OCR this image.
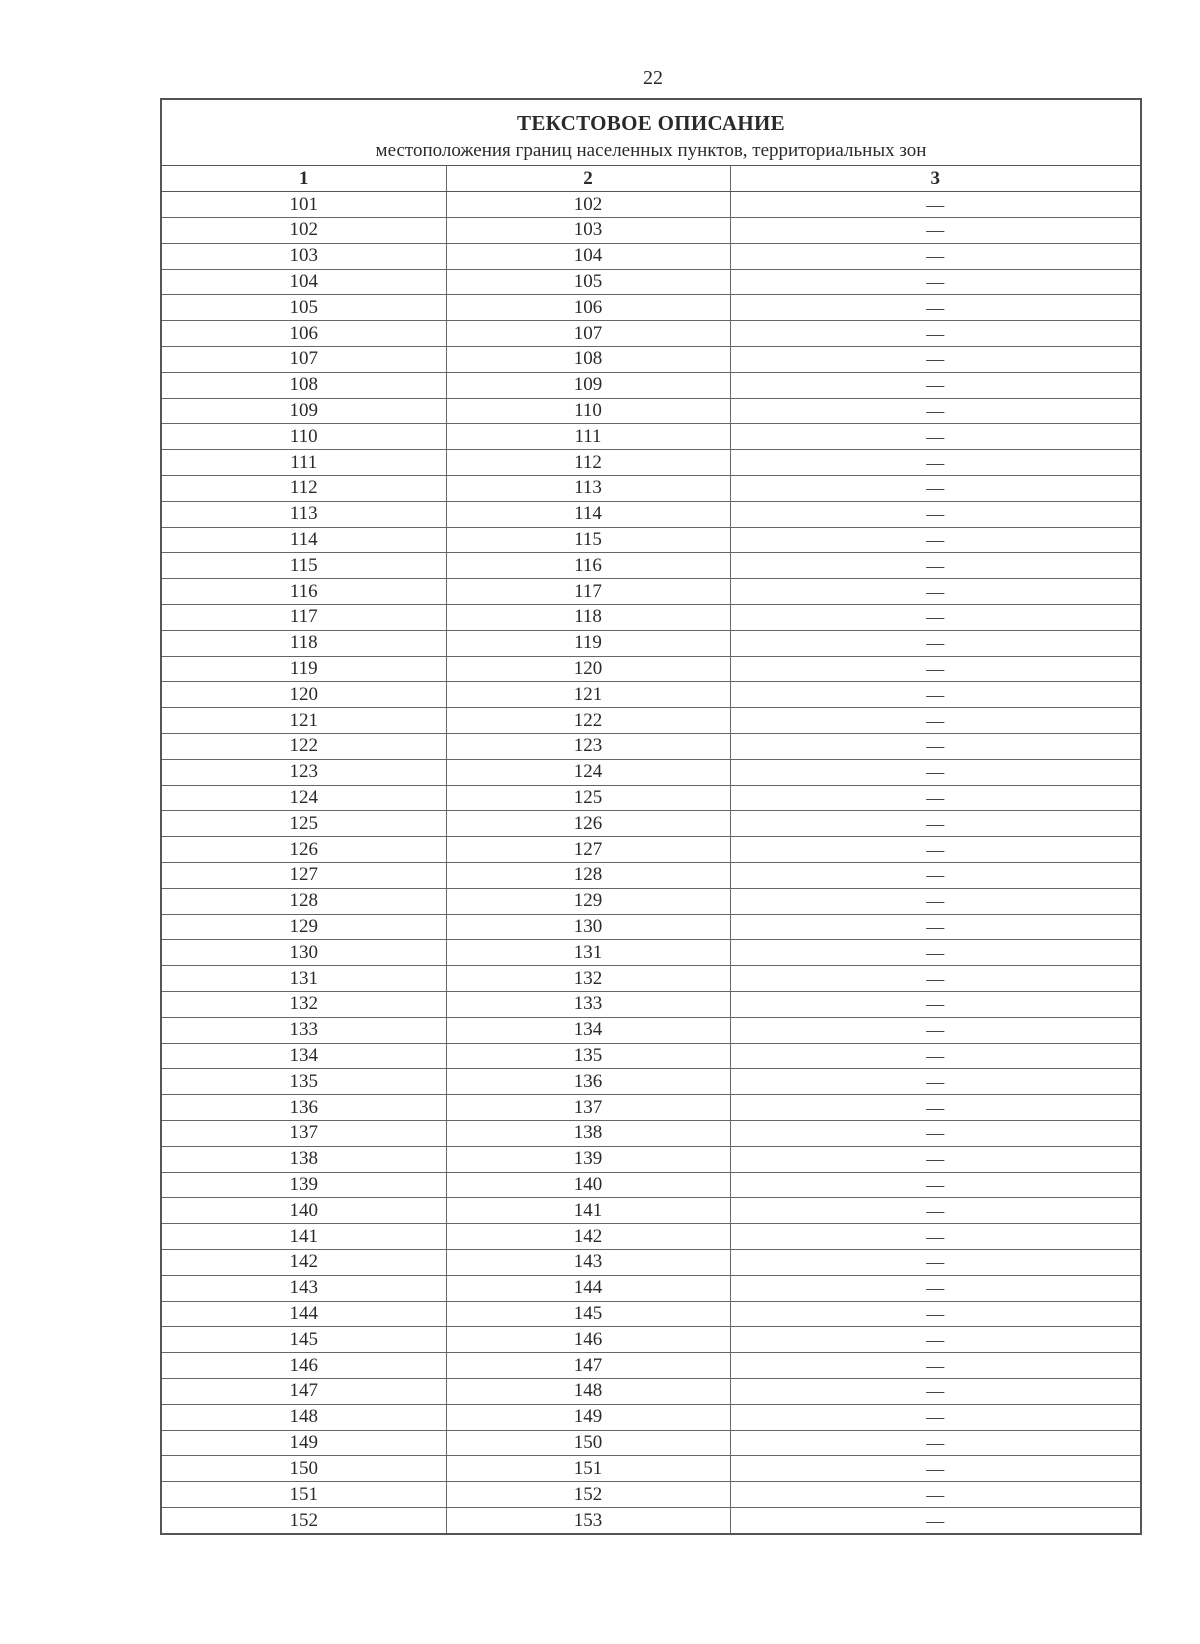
22
ТЕКСТОВОЕ ОПИСАНИЕ
местоположения границ населенных пунктов, территориальных зон
1	2	3
101	102	—
102	103	—
103	104	—
104	105	—
105	106	—
106	107	—
107	108	—
108	109	—
109	110	—
110	111	—
111	112	—
112	113	—
113	114	—
114	115	—
115	116	—
116	117	—
117	118	—
118	119	—
119	120	—
120	121	—
121	122	—
122	123	—
123	124	—
124	125	—
125	126	—
126	127	—
127	128	—
128	129	—
129	130	—
130	131	—
131	132	—
132	133	—
133	134	—
134	135	—
135	136	—
136	137	—
137	138	—
138	139	—
139	140	—
140	141	—
141	142	—
142	143	—
143	144	—
144	145	—
145	146	—
146	147	—
147	148	—
148	149	—
149	150	—
150	151	—
151	152	—
152	153	—
